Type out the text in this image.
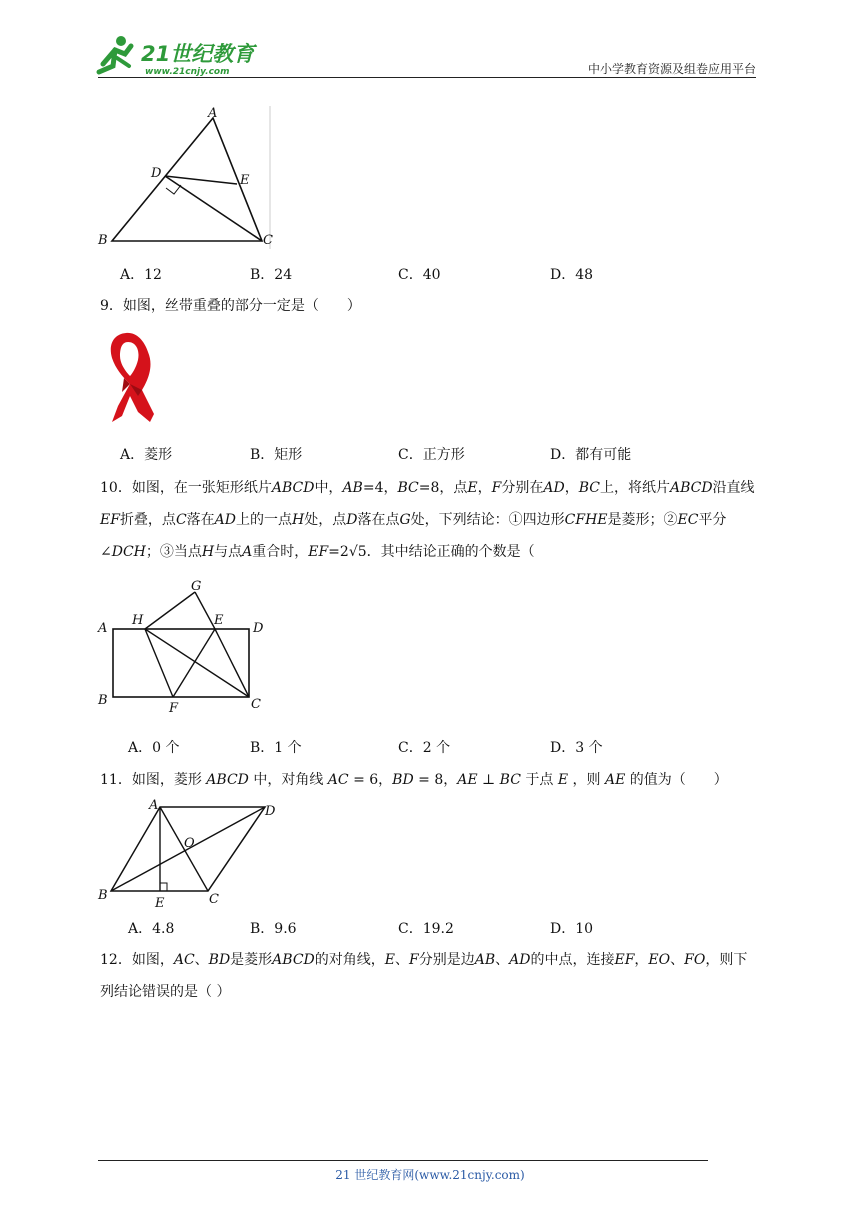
21世纪教育
www.21cnjy.com	中小学教育资源及组卷应用平台
A
D	E
B	C
A．12	B．24	C．40	D．48
9．如图，丝带重叠的部分一定是（　　）
A．菱形	B．矩形	C．正方形	D．都有可能
10．如图，在一张矩形纸片ABCD中，AB=4，BC=8，点E，F分别在AD，BC上，将纸片ABCD沿直线EF折叠，点C落在AD上的一点H处，点D落在点G处，下列结论：①四边形CFHE是菱形；②EC平分∠DCH；③当点H与点A重合时，EF=2√5．其中结论正确的个数是（
G
A
H	E
D
B
F	C
A．0 个	B．1 个	C．2 个	D．3 个
11．如图，菱形 ABCD 中，对角线 AC = 6，BD = 8，AE ⊥ BC 于点 E ，则 AE 的值为（　　）
A	D
O
B
E	C
A．4.8	B．9.6	C．19.2	D．10
12．如图，AC、BD是菱形ABCD的对角线，E、F分别是边AB、AD的中点，连接EF，EO、FO，则下列结论错误的是（ ）
21 世纪教育网(www.21cnjy.com)
